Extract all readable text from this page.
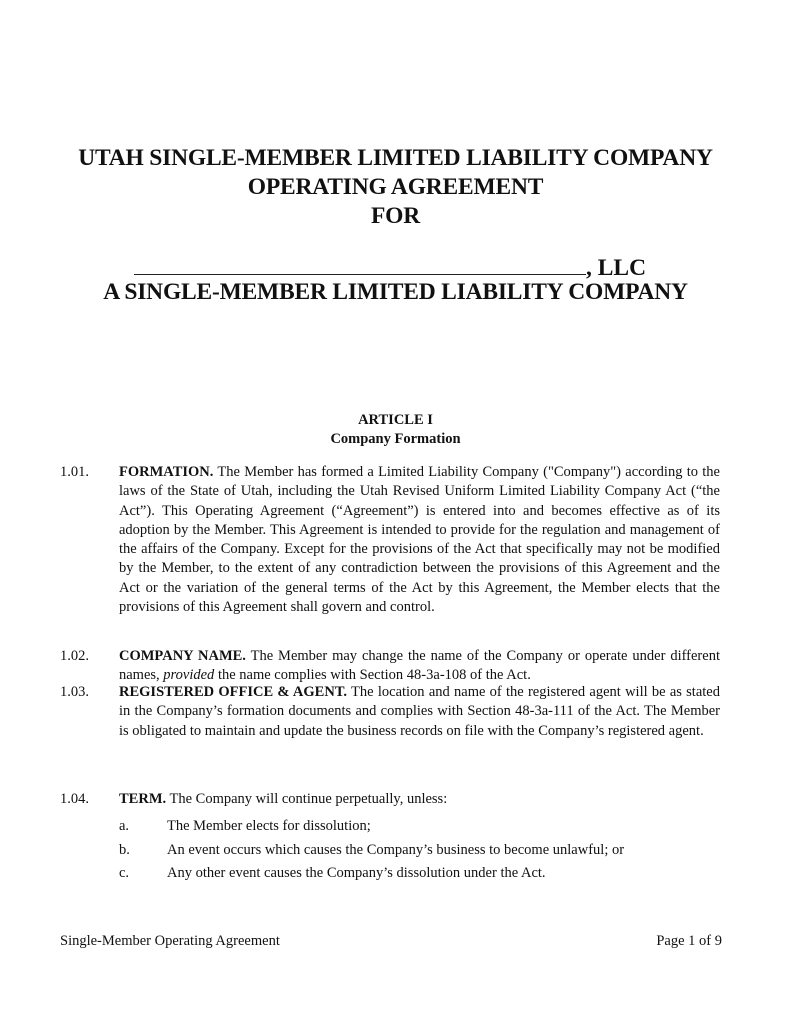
UTAH SINGLE-MEMBER LIMITED LIABILITY COMPANY
OPERATING AGREEMENT
FOR
, LLC
A SINGLE-MEMBER LIMITED LIABILITY COMPANY
ARTICLE I
Company Formation
1.01. FORMATION. The Member has formed a Limited Liability Company ("Company") according to the laws of the State of Utah, including the Utah Revised Uniform Limited Liability Company Act (“the Act”). This Operating Agreement (“Agreement”) is entered into and becomes effective as of its adoption by the Member. This Agreement is intended to provide for the regulation and management of the affairs of the Company. Except for the provisions of the Act that specifically may not be modified by the Member, to the extent of any contradiction between the provisions of this Agreement and the Act or the variation of the general terms of the Act by this Agreement, the Member elects that the provisions of this Agreement shall govern and control.
1.02. COMPANY NAME. The Member may change the name of the Company or operate under different names, provided the name complies with Section 48-3a-108 of the Act.
1.03. REGISTERED OFFICE & AGENT. The location and name of the registered agent will be as stated in the Company’s formation documents and complies with Section 48-3a-111 of the Act. The Member is obligated to maintain and update the business records on file with the Company’s registered agent.
1.04. TERM. The Company will continue perpetually, unless:
a.	The Member elects for dissolution;
b.	An event occurs which causes the Company’s business to become unlawful; or
c.	Any other event causes the Company’s dissolution under the Act.
Single-Member Operating Agreement	Page 1 of 9
